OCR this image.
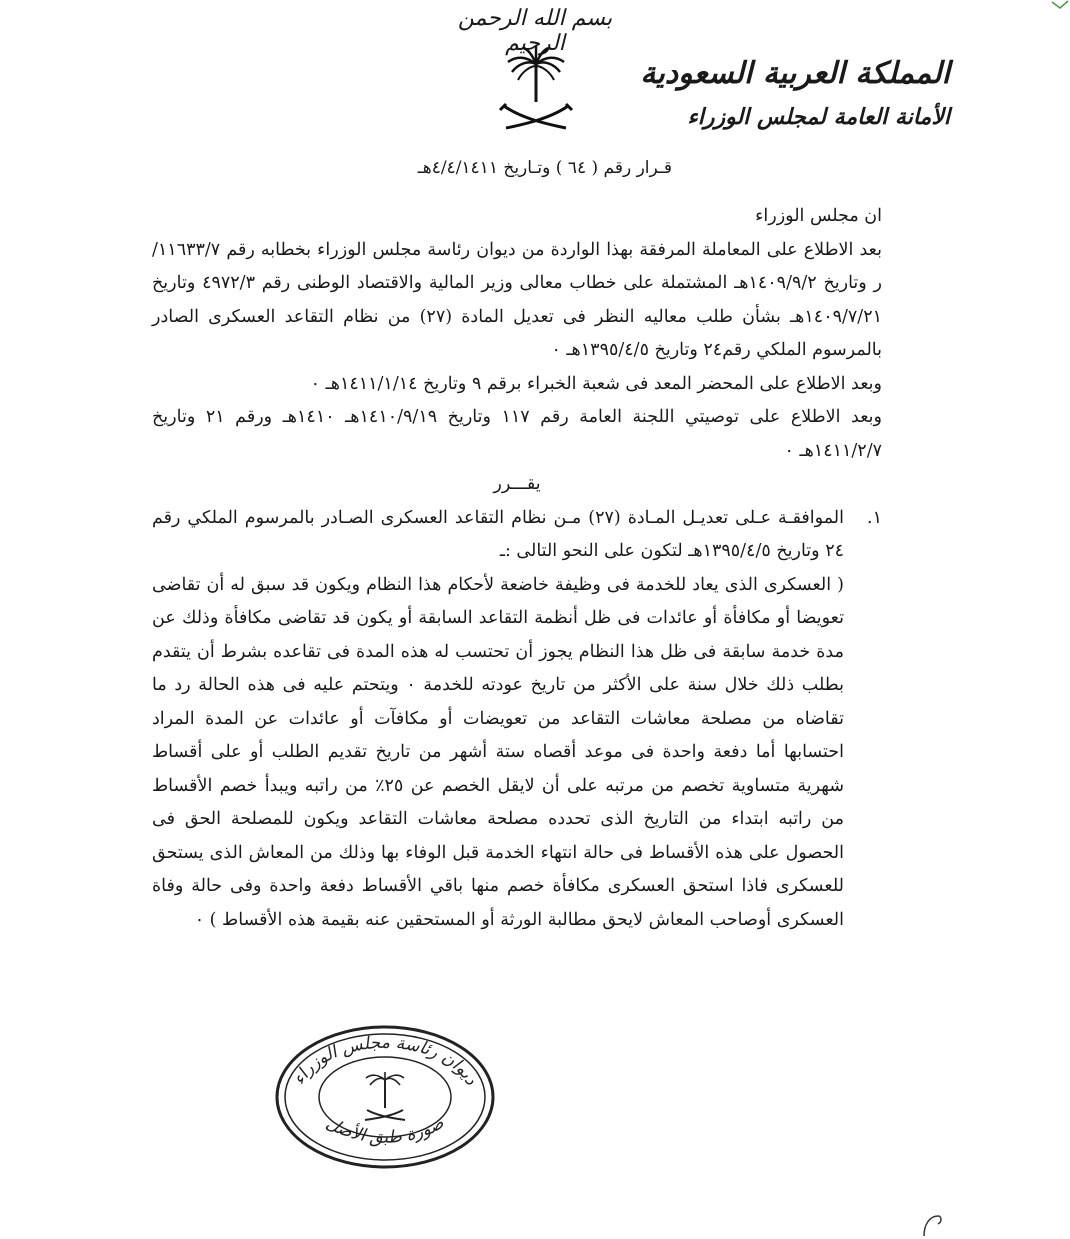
بسم الله الرحمن الرحيم
المملكة العربية السعودية
الأمانة العامة لمجلس الوزراء
قـرار رقم ( ٦٤ ) وتـاريخ ٤/٤/١٤١١هـ

ان مجلس الوزراء

بعد الاطلاع على المعاملة المرفقة بهذا الواردة من ديوان رئاسة مجلس الوزراء بخطابه رقم ١١٦٣٣/٧/ر وتاريخ ١٤٠٩/٩/٢هـ المشتملة على خطاب معالى وزير المالية والاقتصاد الوطنى رقم ٤٩٧٢/٣ وتاريخ ١٤٠٩/٧/٢١هـ بشأن طلب معاليه النظر فى تعديل المادة (٢٧) من نظام التقاعد العسكرى الصادر بالمرسوم الملكي رقم٢٤ وتاريخ ١٣٩٥/٤/٥هـ ٠

وبعد الاطلاع على المحضر المعد فى شعبة الخبراء برقم ٩ وتاريخ ١٤١١/١/١٤هـ ٠

وبعد الاطلاع على توصيتي اللجنة العامة رقم ١١٧ وتاريخ ١٤١٠/٩/١٩هـ ١٤١٠هـ ورقم ٢١ وتاريخ ١٤١١/٢/٧هـ ٠

يقـــرر

١.

الموافقـة عـلى تعديـل المـادة (٢٧) مـن نظام التقاعد العسكرى الصـادر بالمرسوم الملكي رقم ٢٤ وتاريخ ١٣٩٥/٤/٥هـ لتكون على النحو التالى :ـ

( العسكرى الذى يعاد للخدمة فى وظيفة خاضعة لأحكام هذا النظام ويكون قد سبق له أن تقاضى تعويضا أو مكافأة أو عائدات فى ظل أنظمة التقاعد السابقة أو يكون قد تقاضى مكافأة وذلك عن مدة خدمة سابقة فى ظل هذا النظام يجوز أن تحتسب له هذه المدة فى تقاعده بشرط أن يتقدم بطلب ذلك خلال سنة على الأكثر من تاريخ عودته للخدمة ٠ ويتحتم عليه فى هذه الحالة رد ما تقاضاه من مصلحة معاشات التقاعد من تعويضات أو مكافآت أو عائدات عن المدة المراد احتسابها أما دفعة واحدة فى موعد أقصاه ستة أشهر من تاريخ تقديم الطلب أو على أقساط شهرية متساوية تخصم من مرتبه على أن لايقل الخصم عن ٢٥٪ من راتبه ويبدأ خصم الأقساط من راتبه ابتداء من التاريخ الذى تحدده مصلحة معاشات التقاعد ويكون للمصلحة الحق فى الحصول على هذه الأقساط فى حالة انتهاء الخدمة قبل الوفاء بها وذلك من المعاش الذى يستحق للعسكرى فاذا استحق العسكرى مكافأة خصم منها باقي الأقساط دفعة واحدة وفى حالة وفاة العسكرى أوصاحب المعاش لايحق مطالبة الورثة أو المستحقين عنه بقيمة هذه الأقساط ) ٠

ديوان رئاسة مجلس الوزراء
صورة طبق الأصل
